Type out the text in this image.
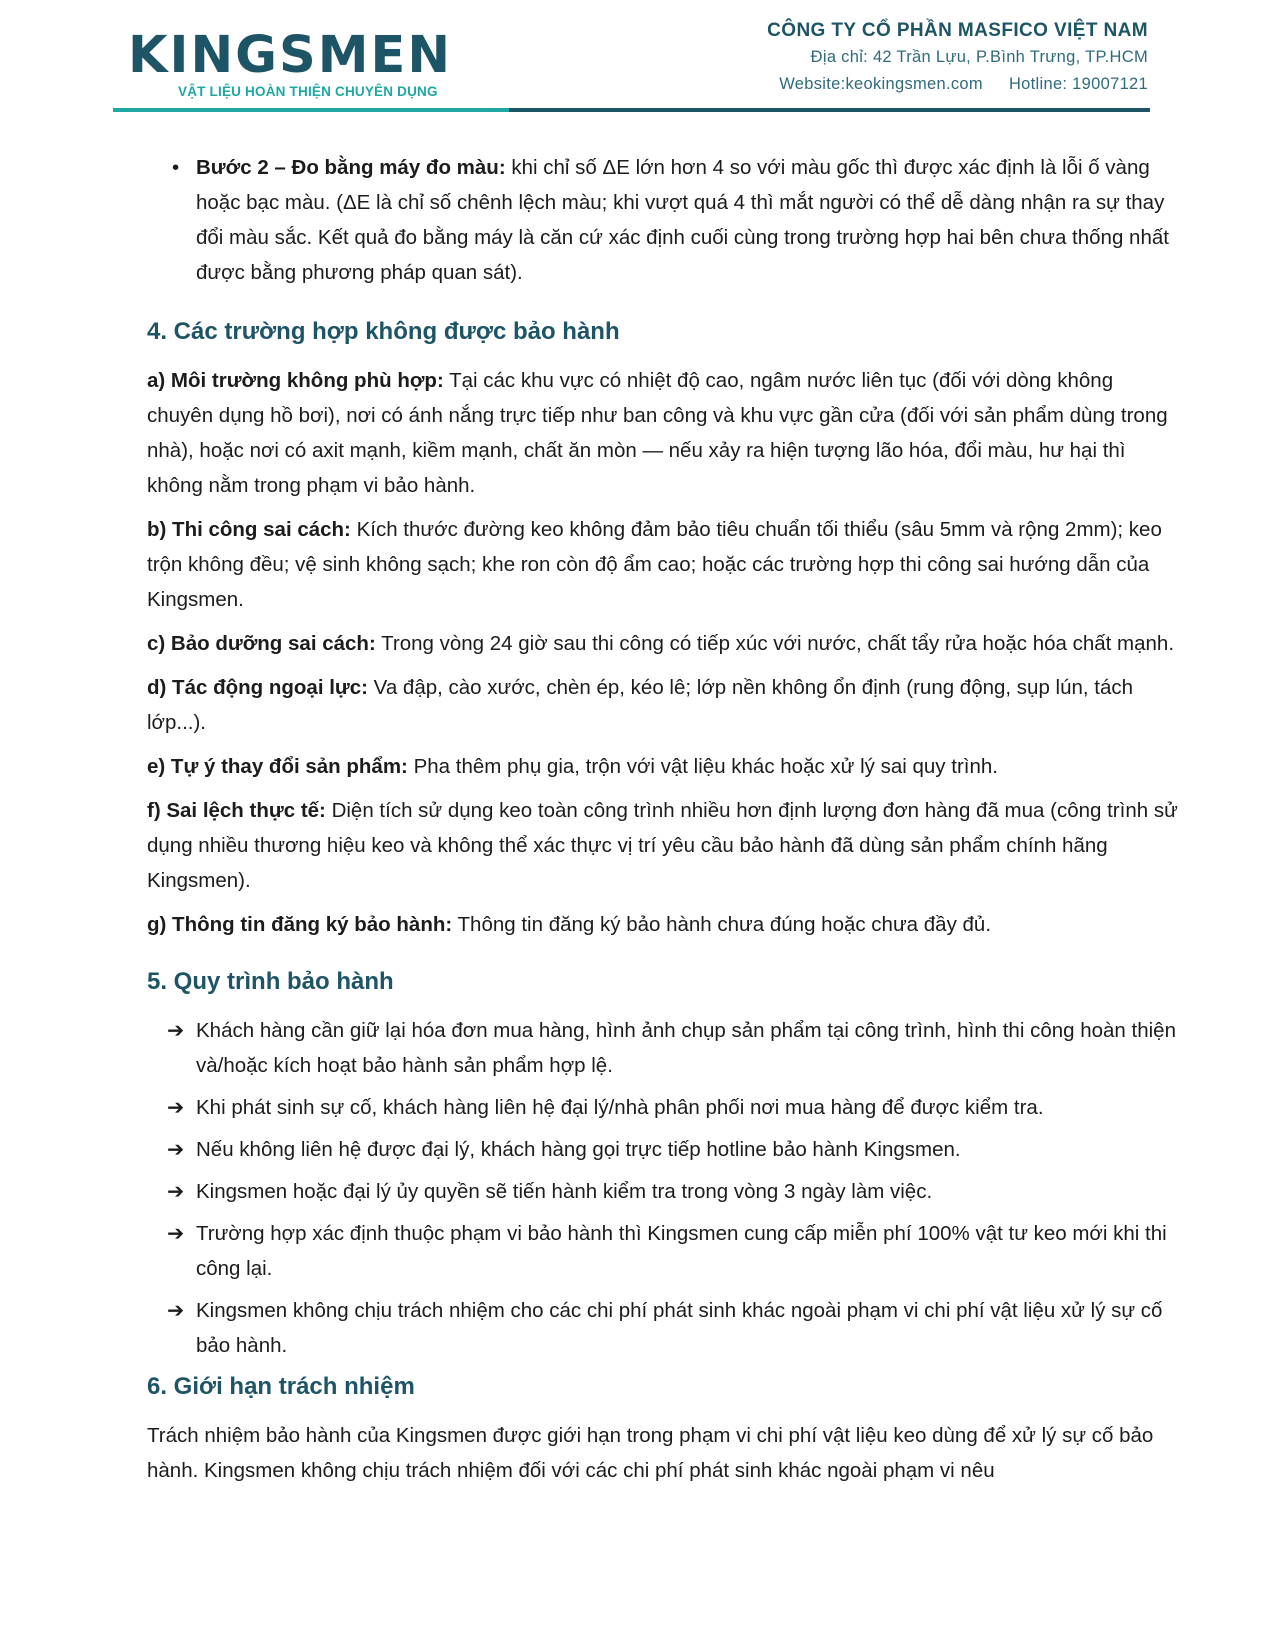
KINGSMEN
VẬT LIỆU HOÀN THIỆN CHUYÊN DỤNG
CÔNG TY CỔ PHẦN MASFICO VIỆT NAM
Địa chỉ: 42 Trần Lựu, P.Bình Trưng, TP.HCM
Website:keokingsmen.com Hotline: 19007121
• Bước 2 – Đo bằng máy đo màu: khi chỉ số ΔE lớn hơn 4 so với màu gốc thì được xác định là lỗi ố vàng hoặc bạc màu. (ΔE là chỉ số chênh lệch màu; khi vượt quá 4 thì mắt người có thể dễ dàng nhận ra sự thay đổi màu sắc. Kết quả đo bằng máy là căn cứ xác định cuối cùng trong trường hợp hai bên chưa thống nhất được bằng phương pháp quan sát).
4. Các trường hợp không được bảo hành

a) Môi trường không phù hợp: Tại các khu vực có nhiệt độ cao, ngâm nước liên tục (đối với dòng không chuyên dụng hồ bơi), nơi có ánh nắng trực tiếp như ban công và khu vực gần cửa (đối với sản phẩm dùng trong nhà), hoặc nơi có axit mạnh, kiềm mạnh, chất ăn mòn — nếu xảy ra hiện tượng lão hóa, đổi màu, hư hại thì không nằm trong phạm vi bảo hành.

b) Thi công sai cách: Kích thước đường keo không đảm bảo tiêu chuẩn tối thiểu (sâu 5mm và rộng 2mm); keo trộn không đều; vệ sinh không sạch; khe ron còn độ ẩm cao; hoặc các trường hợp thi công sai hướng dẫn của Kingsmen.

c) Bảo dưỡng sai cách: Trong vòng 24 giờ sau thi công có tiếp xúc với nước, chất tẩy rửa hoặc hóa chất mạnh.

d) Tác động ngoại lực: Va đập, cào xước, chèn ép, kéo lê; lớp nền không ổn định (rung động, sụp lún, tách lớp...).

e) Tự ý thay đổi sản phẩm: Pha thêm phụ gia, trộn với vật liệu khác hoặc xử lý sai quy trình.

f) Sai lệch thực tế: Diện tích sử dụng keo toàn công trình nhiều hơn định lượng đơn hàng đã mua (công trình sử dụng nhiều thương hiệu keo và không thể xác thực vị trí yêu cầu bảo hành đã dùng sản phẩm chính hãng Kingsmen).

g) Thông tin đăng ký bảo hành: Thông tin đăng ký bảo hành chưa đúng hoặc chưa đầy đủ.

5. Quy trình bảo hành
➔ Khách hàng cần giữ lại hóa đơn mua hàng, hình ảnh chụp sản phẩm tại công trình, hình thi công hoàn thiện và/hoặc kích hoạt bảo hành sản phẩm hợp lệ.
➔ Khi phát sinh sự cố, khách hàng liên hệ đại lý/nhà phân phối nơi mua hàng để được kiểm tra.
➔ Nếu không liên hệ được đại lý, khách hàng gọi trực tiếp hotline bảo hành Kingsmen.
➔ Kingsmen hoặc đại lý ủy quyền sẽ tiến hành kiểm tra trong vòng 3 ngày làm việc.
➔ Trường hợp xác định thuộc phạm vi bảo hành thì Kingsmen cung cấp miễn phí 100% vật tư keo mới khi thi công lại.
➔ Kingsmen không chịu trách nhiệm cho các chi phí phát sinh khác ngoài phạm vi chi phí vật liệu xử lý sự cố bảo hành.
6. Giới hạn trách nhiệm

Trách nhiệm bảo hành của Kingsmen được giới hạn trong phạm vi chi phí vật liệu keo dùng để xử lý sự cố bảo hành. Kingsmen không chịu trách nhiệm đối với các chi phí phát sinh khác ngoài phạm vi nêu
